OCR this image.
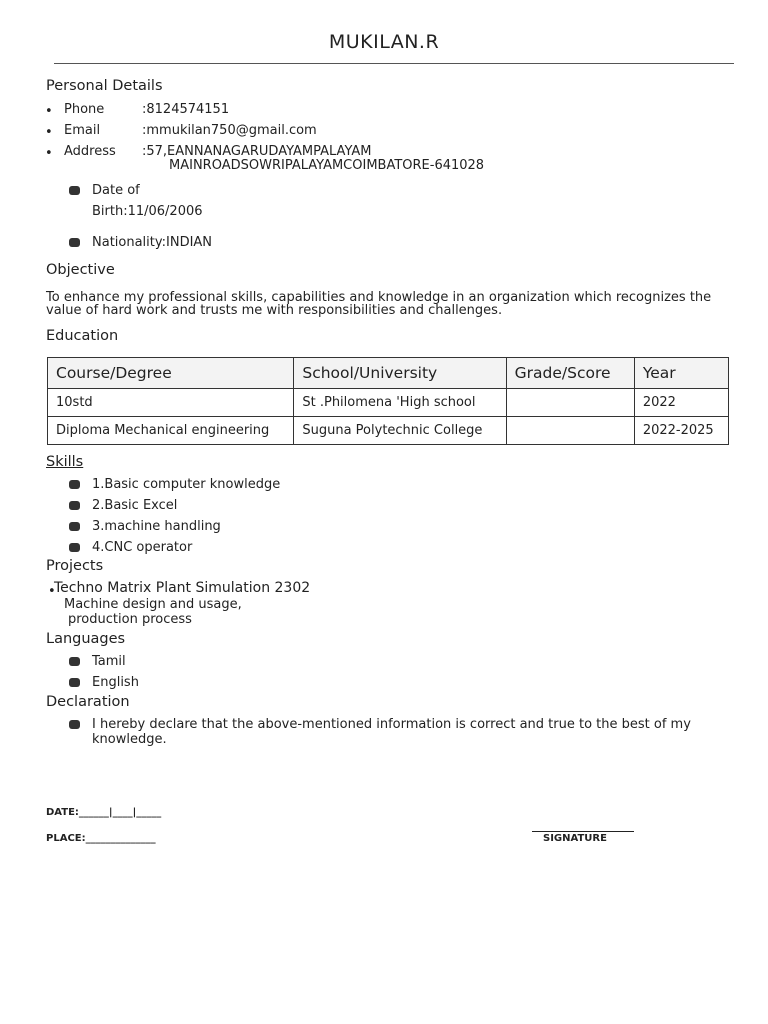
MUKILAN.R
Personal Details
• Phone	:8124574151
• Email	:mmukilan750@gmail.com
• Address :57,EANNANAGARUDAYAMPALAYAM
MAINROADSOWRIPALAYAMCOIMBATORE-641028
Date of
Birth:11/06/2006
Nationality:INDIAN
Objective
To enhance my professional skills, capabilities and knowledge in an organization which recognizes the
value of hard work and trusts me with responsibilities and challenges.
Education
Course/Degree	School/University	Grade/Score	Year
10std	St .Philomena 'High school		2022
Diploma Mechanical engineering	Suguna Polytechnic College		2022-2025
Skills
1.Basic computer knowledge
2.Basic Excel
3.machine handling
4.CNC operator
Projects
•
Techno Matrix Plant Simulation 2302
Machine design and usage,
production process
Languages
Tamil
English
Declaration
I hereby declare that the above-mentioned information is correct and true to the best of my
knowledge.
DATE:______|____|_____
PLACE:______________	SIGNATURE
